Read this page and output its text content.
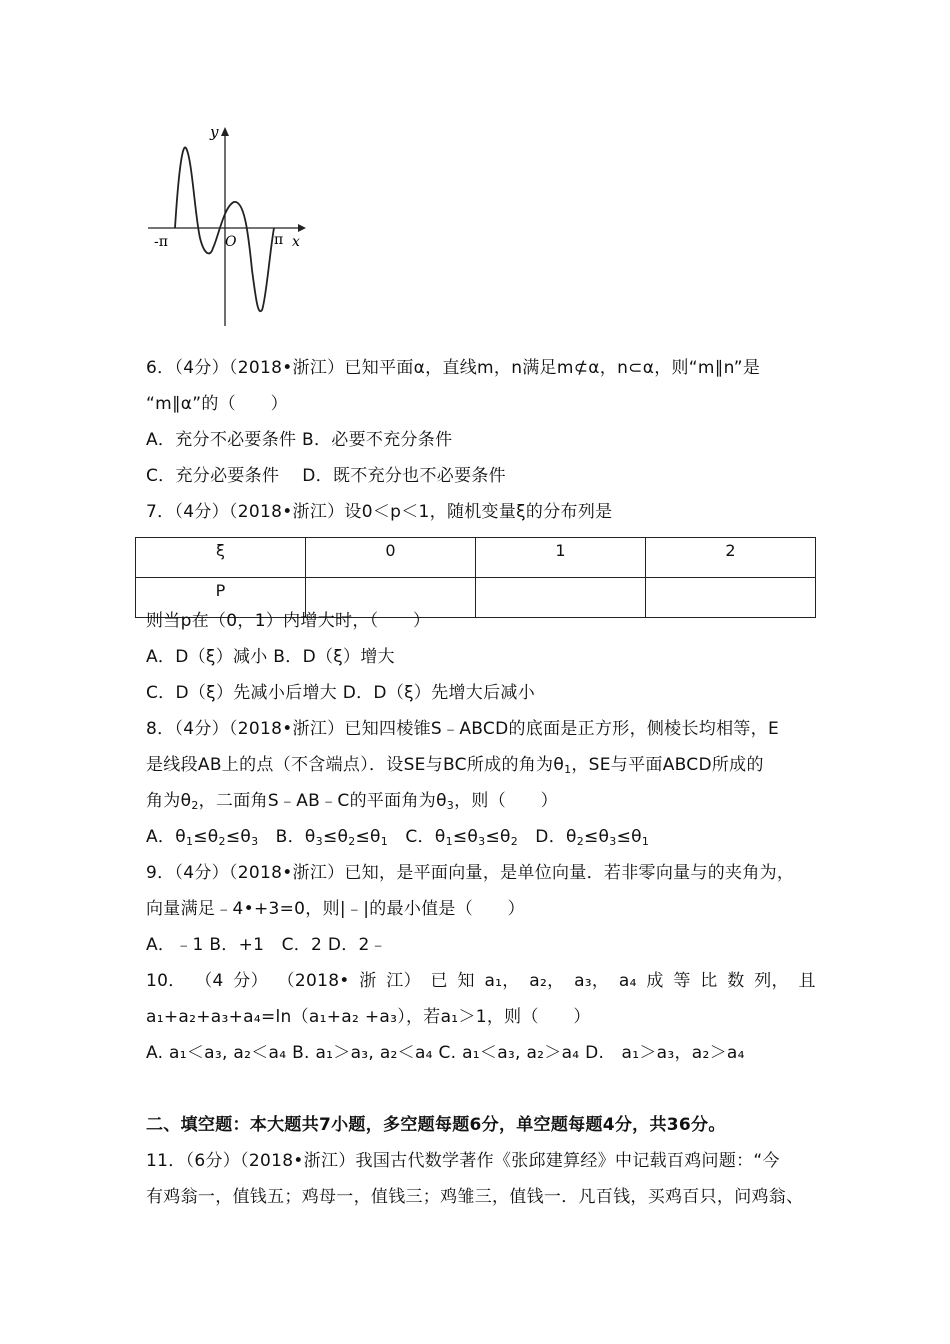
y
x
O
-π	π
6．（4分）（2018•浙江）已知平面α，直线m，n满足m⊄α，n⊂α，则“m∥n”是
“m∥α”的（　　）
A．充分不必要条件 B．必要不充分条件
C．充分必要条件　 D．既不充分也不必要条件
7．（4分）（2018•浙江）设0＜p＜1，随机变量ξ的分布列是
ξ	0	1	2
P			
则当p在（0，1）内增大时，（　　）
A．D（ξ）减小 B．D（ξ）增大
C．D（ξ）先减小后增大 D．D（ξ）先增大后减小
8．（4分）（2018•浙江）已知四棱锥S﹣ABCD的底面是正方形，侧棱长均相等，E
是线段AB上的点（不含端点）．设SE与BC所成的角为$\theta_1$，SE与平面ABCD所成的
角为$\theta_2$，二面角S﹣AB﹣C的平面角为$\theta_3$，则（　　）
A．$\theta_1\le\theta_2\le\theta_3$　B．$\theta_3\le\theta_2\le\theta_1$　C．$\theta_1\le\theta_3\le\theta_2$　D．$\theta_2\le\theta_3\le\theta_1$
9．（4分）（2018•浙江）已知，是平面向量，是单位向量．若非零向量与的夹角为，
向量满足﹣4•+3=0，则|﹣|的最小值是（　　）
A．﹣1 B．+1　C．2 D．2﹣
10． （4 分） （2018• 浙 江） 已 知 a₁， a₂， a₃， a₄ 成 等 比 数 列， 且
a₁+a₂+a₃+a₄=ln（a₁+a₂ +a₃），若a₁＞1，则（　　）
A. a₁＜a₃, a₂＜a₄ B. a₁＞a₃, a₂＜a₄ C. a₁＜a₃, a₂＞a₄ D.　a₁＞a₃，a₂＞a₄
二、填空题：本大题共7小题，多空题每题6分，单空题每题4分，共36分。
11．（6分）（2018•浙江）我国古代数学著作《张邱建算经》中记载百鸡问题：“今
有鸡翁一，值钱五；鸡母一，值钱三；鸡雏三，值钱一．凡百钱，买鸡百只，问鸡翁、
